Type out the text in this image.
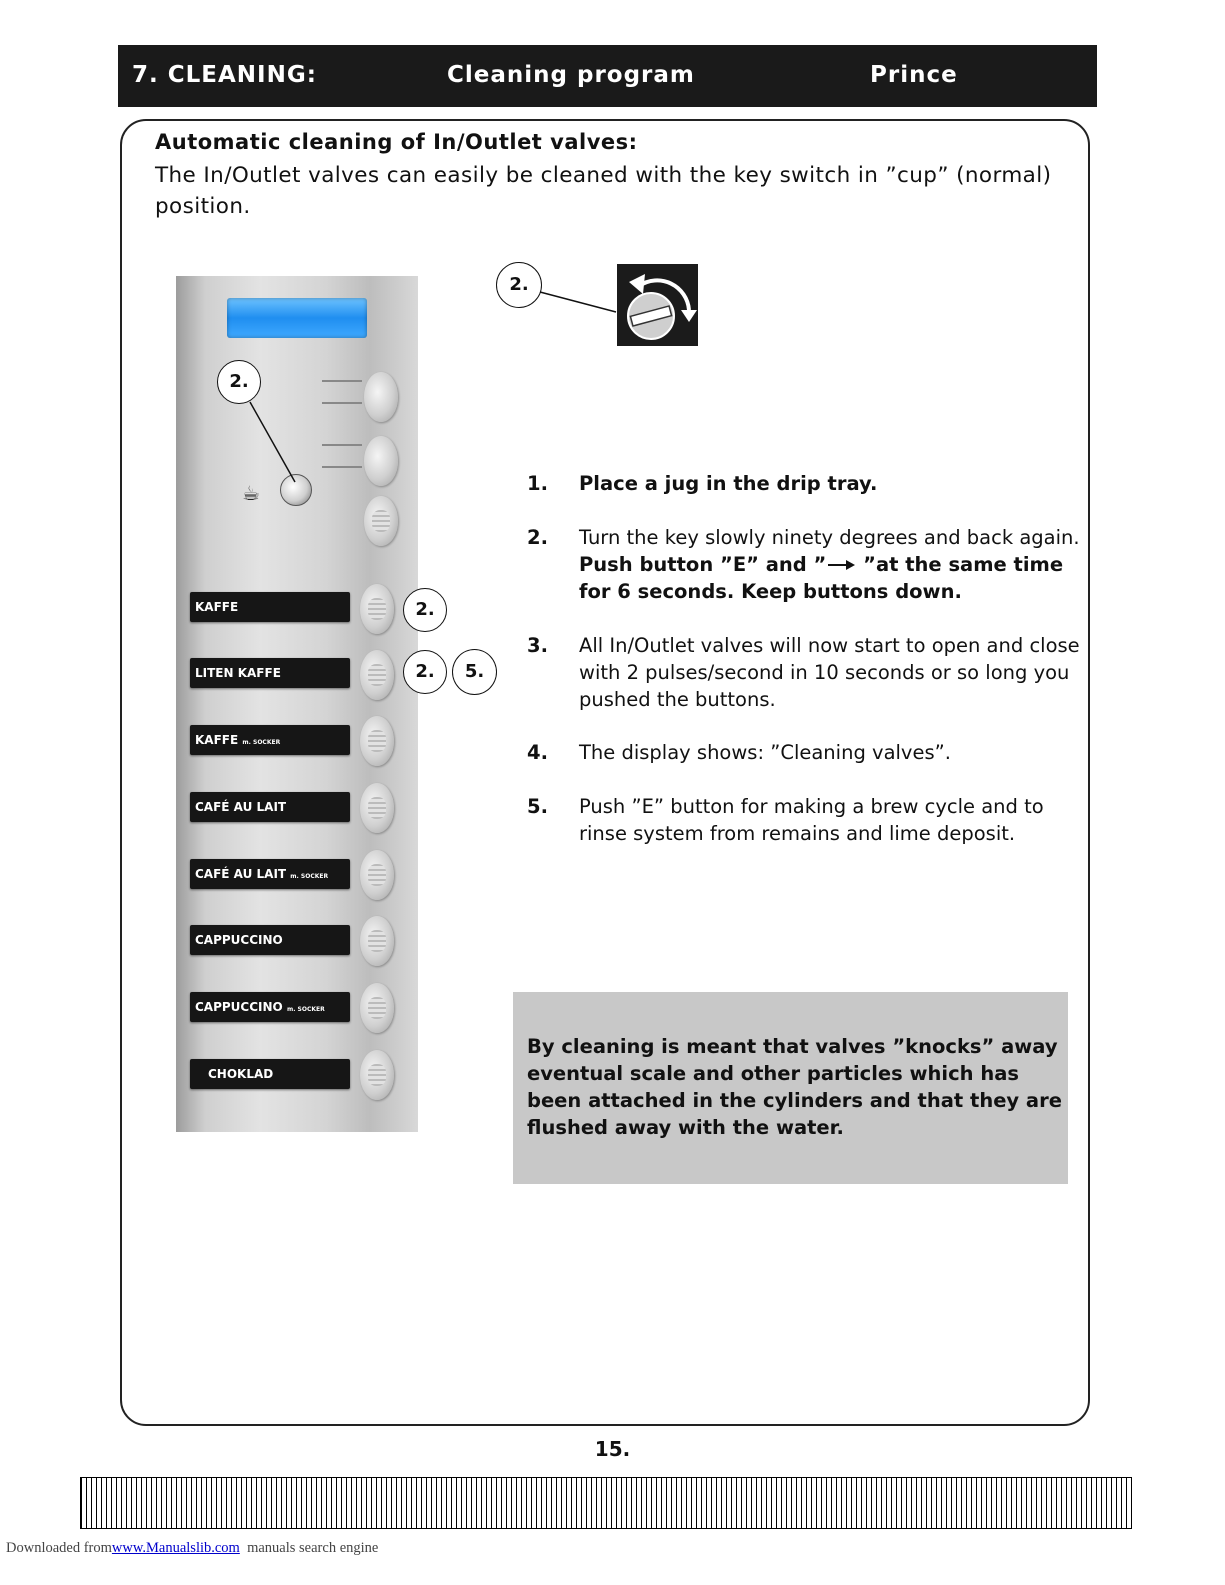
7. CLEANING:	Cleaning program	Prince
Automatic cleaning of In/Outlet valves:
The In/Outlet valves can easily be cleaned with the key switch in ”cup” (normal) position.
☕
KAFFE
LITEN KAFFE
KAFFE m. SOCKER
CAFÉ AU LAIT
CAFÉ AU LAIT m. SOCKER
CAPPUCCINO
CAPPUCCINO m. SOCKER
CHOKLAD
2.
2.
2.	5.
2.
1. Place a jug in the drip tray.
2. Turn the key slowly ninety degrees and back again.
Push button ”E” and ” ”at the same time for 6 seconds. Keep buttons down.
3. All In/Outlet valves will now start to open and close with 2 pulses/second in 10 seconds or so long you pushed the buttons.
4. The display shows: ”Cleaning valves”.
5. Push ”E” button for making a brew cycle and to rinse system from remains and lime deposit.
By cleaning is meant that valves ”knocks” away eventual scale and other particles which has been attached in the cylinders and that they are flushed away with the water.
15.
Downloaded fromwww.Manualslib.com manuals search engine
